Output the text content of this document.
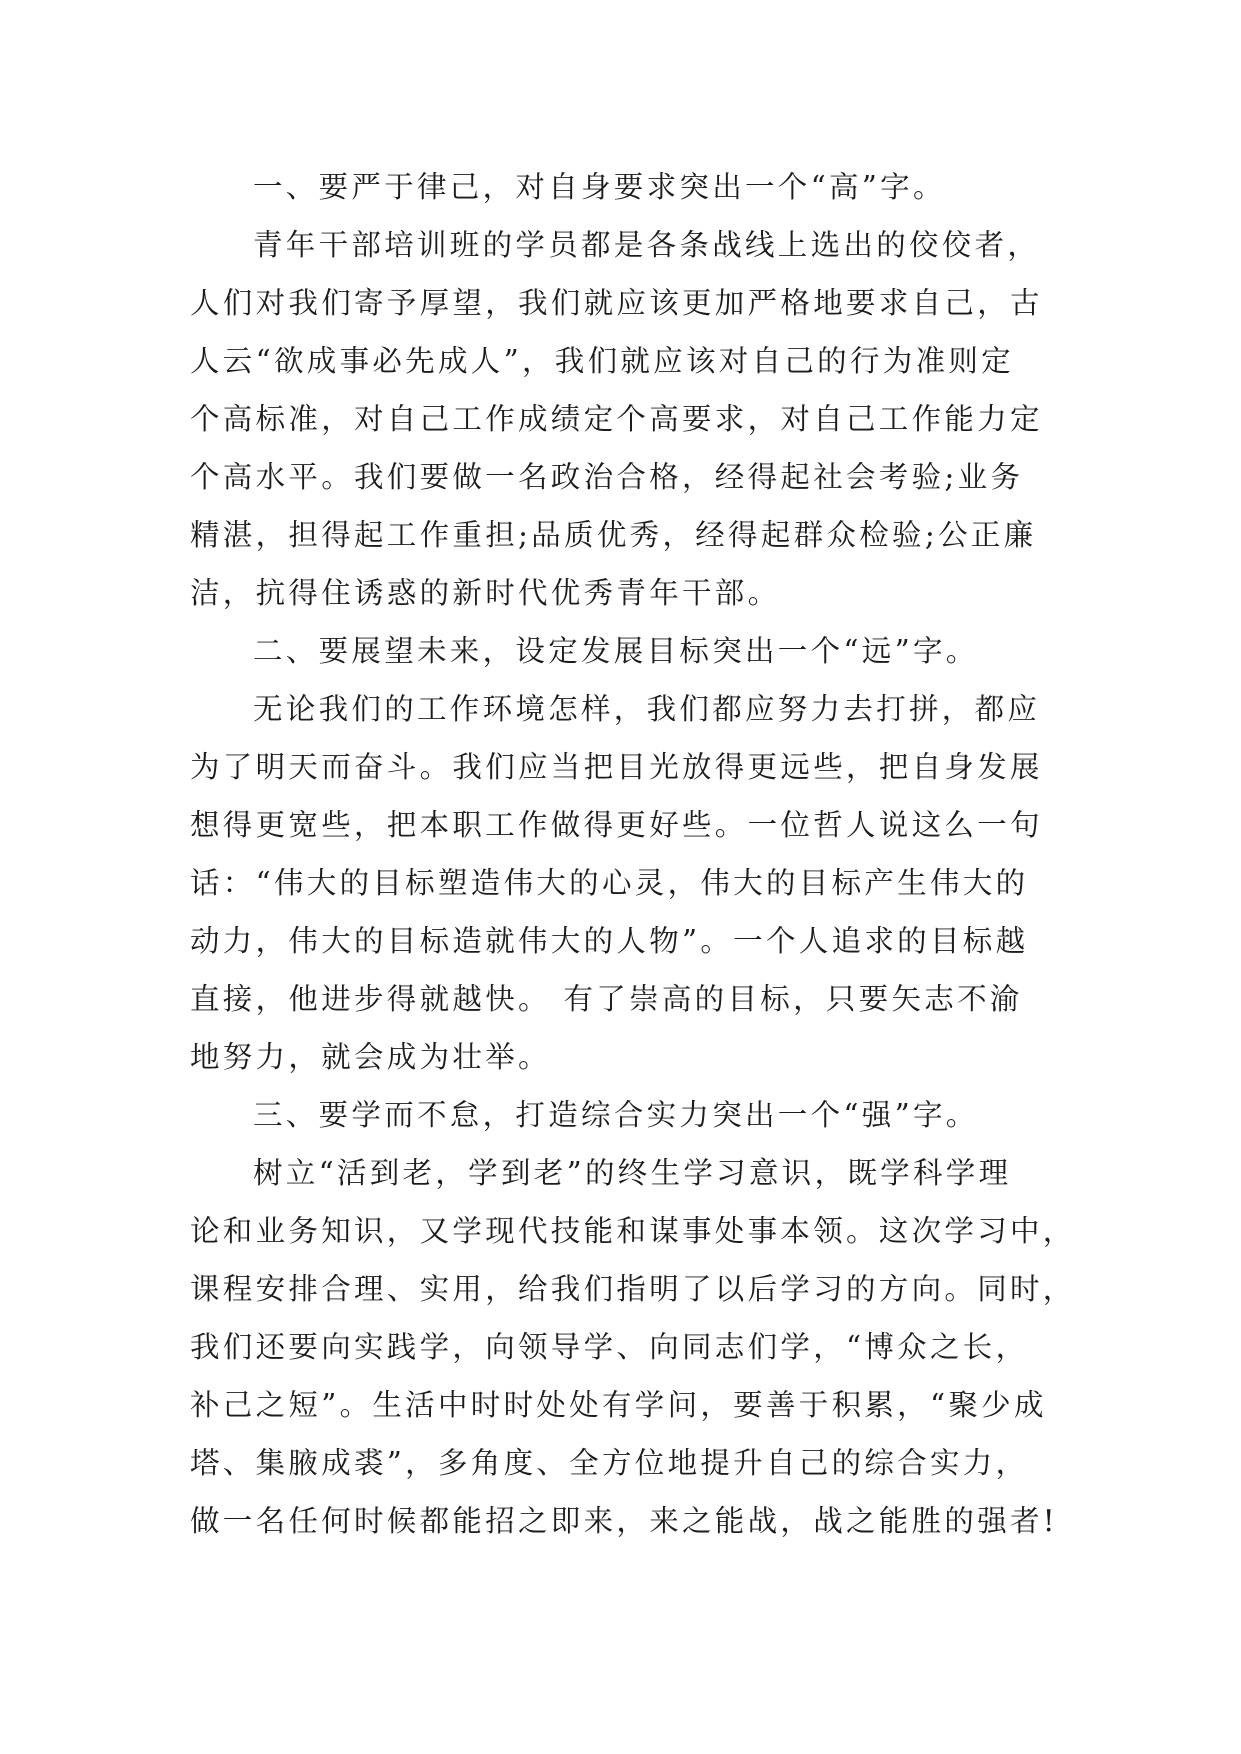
一、要严于律己，对自身要求突出一个“高”字。
青年干部培训班的学员都是各条战线上选出的佼佼者，
人们对我们寄予厚望，我们就应该更加严格地要求自己，古
人云“欲成事必先成人”，我们就应该对自己的行为准则定
个高标准，对自己工作成绩定个高要求，对自己工作能力定
个高水平。我们要做一名政治合格，经得起社会考验;业务
精湛，担得起工作重担;品质优秀，经得起群众检验;公正廉
洁，抗得住诱惑的新时代优秀青年干部。
二、要展望未来，设定发展目标突出一个“远”字。
无论我们的工作环境怎样，我们都应努力去打拼，都应
为了明天而奋斗。我们应当把目光放得更远些，把自身发展
想得更宽些，把本职工作做得更好些。一位哲人说这么一句
话：“伟大的目标塑造伟大的心灵，伟大的目标产生伟大的
动力，伟大的目标造就伟大的人物”。一个人追求的目标越
直接，他进步得就越快。 有了崇高的目标，只要矢志不渝
地努力，就会成为壮举。
三、要学而不怠，打造综合实力突出一个“强”字。
树立“活到老，学到老”的终生学习意识，既学科学理
论和业务知识，又学现代技能和谋事处事本领。这次学习中，
课程安排合理、实用，给我们指明了以后学习的方向。同时，
我们还要向实践学，向领导学、向同志们学，“博众之长，
补己之短”。生活中时时处处有学问，要善于积累，“聚少成
塔、集腋成裘”，多角度、全方位地提升自己的综合实力，
做一名任何时候都能招之即来，来之能战，战之能胜的强者!
